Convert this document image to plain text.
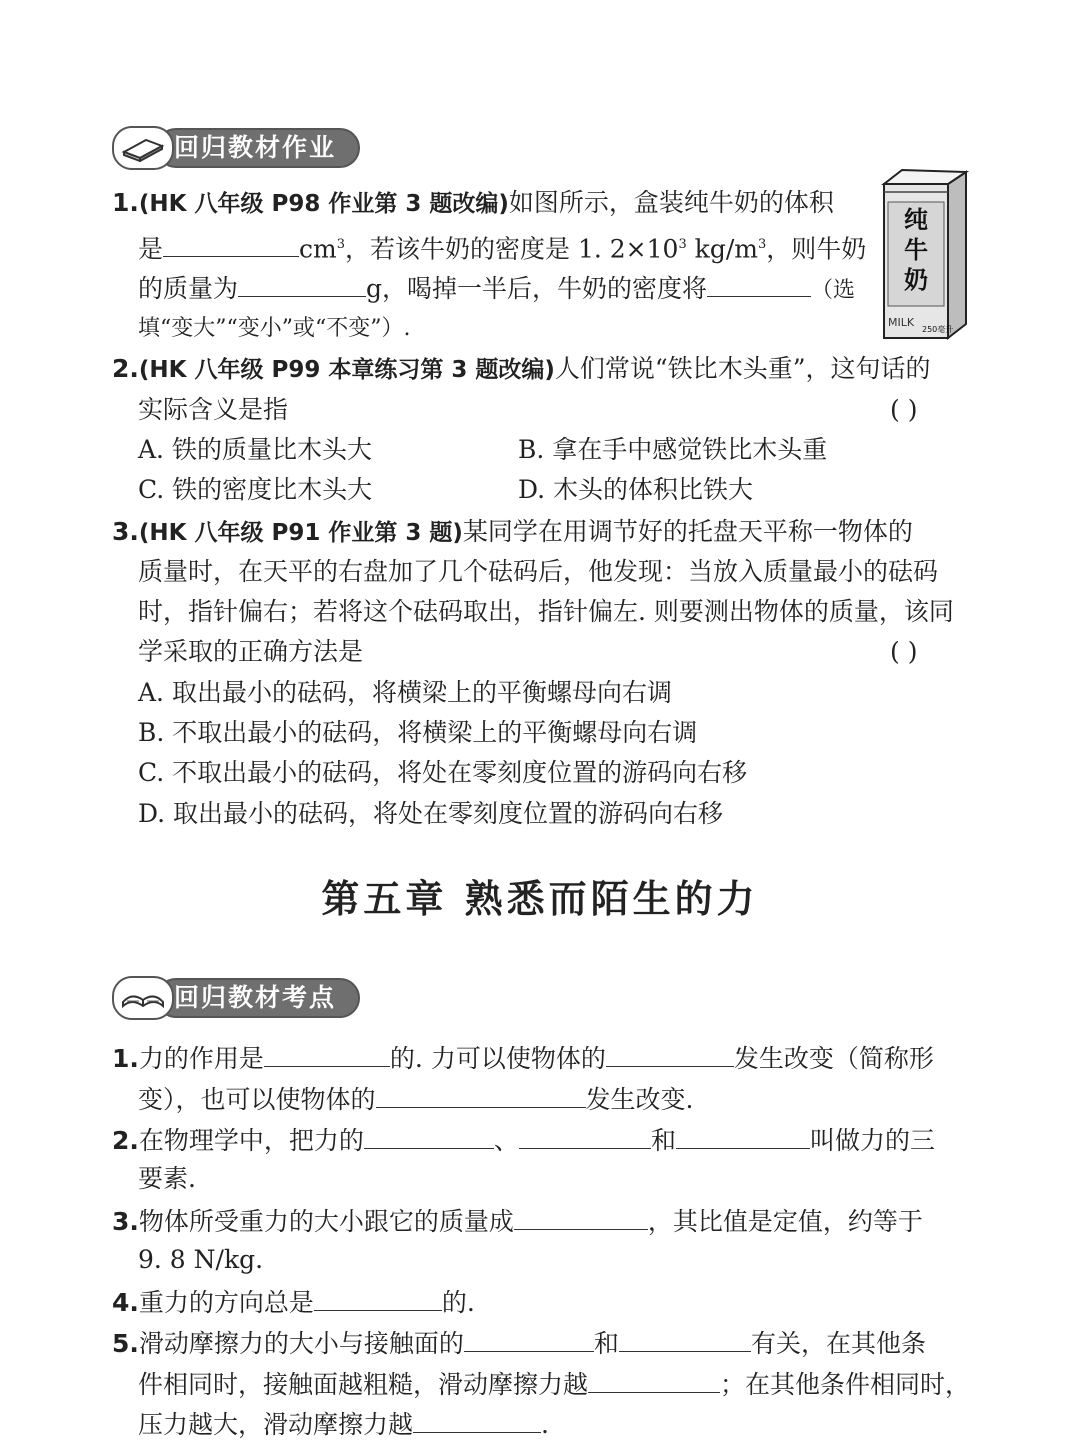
回归教材作业
1.(HK 八年级 P98 作业第 3 题改编)如图所示，盒装纯牛奶的体积
是	$cm^3$，若该牛奶的密度是 1. $2\times 10^3$ $kg/m^3$，则牛奶
的质量为	g，喝掉一半后，牛奶的密度将	（选
填“变大”“变小”或“不变”）.
纯
牛
奶
MILK
250毫升
2.(HK 八年级 P99 本章练习第 3 题改编)人们常说“铁比木头重”，这句话的
实际含义是指	( )
A. 铁的质量比木头大	B. 拿在手中感觉铁比木头重
C. 铁的密度比木头大	D. 木头的体积比铁大
3.(HK 八年级 P91 作业第 3 题)某同学在用调节好的托盘天平称一物体的
质量时，在天平的右盘加了几个砝码后，他发现：当放入质量最小的砝码
时，指针偏右；若将这个砝码取出，指针偏左. 则要测出物体的质量，该同
学采取的正确方法是	( )
A. 取出最小的砝码，将横梁上的平衡螺母向右调
B. 不取出最小的砝码，将横梁上的平衡螺母向右调
C. 不取出最小的砝码，将处在零刻度位置的游码向右移
D. 取出最小的砝码，将处在零刻度位置的游码向右移
第五章 熟悉而陌生的力
回归教材考点
1.力的作用是	的. 力可以使物体的	发生改变（简称形
变），也可以使物体的	发生改变.
2.在物理学中，把力的	、	和	叫做力的三
要素.
3.物体所受重力的大小跟它的质量成	，其比值是定值，约等于
9. 8 N/kg.
4.重力的方向总是	的.
5.滑动摩擦力的大小与接触面的	和	有关，在其他条
件相同时，接触面越粗糙，滑动摩擦力越	；在其他条件相同时，
压力越大，滑动摩擦力越	.
